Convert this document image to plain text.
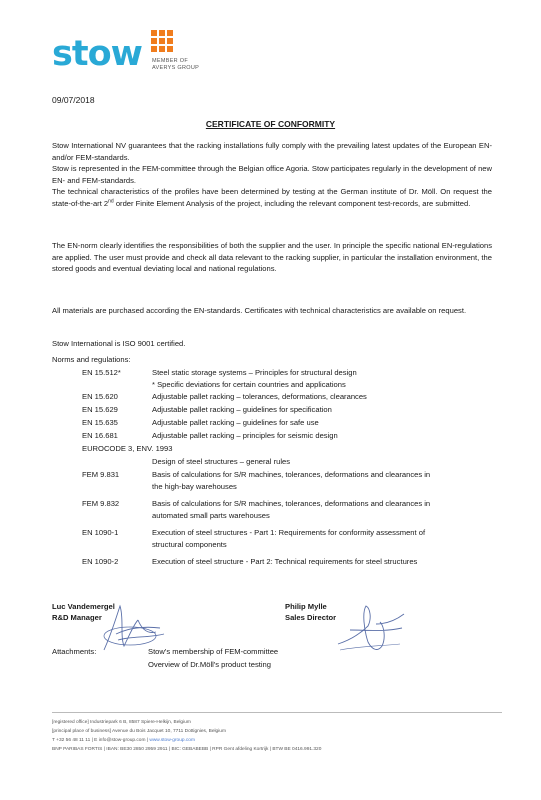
stow MEMBER OF
AVERYS GROUP
09/07/2018
CERTIFICATE OF CONFORMITY
Stow International NV guarantees that the racking installations fully comply with the prevailing latest updates of the European EN- and/or FEM-standards.
Stow is represented in the FEM-committee through the Belgian office Agoria. Stow participates regularly in the development of new EN- and FEM-standards.
The technical characteristics of the profiles have been determined by testing at the German institute of Dr. Möll. On request the state-of-the-art 2nd order Finite Element Analysis of the project, including the relevant component test-records, are submitted.
The EN-norm clearly identifies the responsibilities of both the supplier and the user. In principle the specific national EN-regulations are applied. The user must provide and check all data relevant to the racking supplier, in particular the installation environment, the stored goods and eventual deviating local and national regulations.
All materials are purchased according the EN-standards. Certificates with technical characteristics are available on request.
Stow International is ISO 9001 certified.
Norms and regulations:
EN 15.512*	Steel static storage systems – Principles for structural design
* Specific deviations for certain countries and applications
EN 15.620	Adjustable pallet racking – tolerances, deformations, clearances
EN 15.629	Adjustable pallet racking – guidelines for specification
EN 15.635	Adjustable pallet racking – guidelines for safe use
EN 16.681	Adjustable pallet racking – principles for seismic design
EUROCODE 3, ENV. 1993
Design of steel structures – general rules
FEM 9.831	Basis of calculations for S/R machines, tolerances, deformations and clearances in
the high-bay warehouses
FEM 9.832	Basis of calculations for S/R machines, tolerances, deformations and clearances in
automated small parts warehouses
EN 1090-1	Execution of steel structures - Part 1: Requirements for conformity assessment of
structural components
EN 1090-2	Execution of steel structure - Part 2: Technical requirements for steel structures
Luc Vandemergel
R&D Manager
Philip Mylle
Sales Director
Attachments:	Stow's membership of FEM-committee
Overview of Dr.Möll's product testing
[registered office] Industriepark 6 B, 8587 Spiere-Helkijn, Belgium
[principal place of business] Avenue du Bois Jacquet 10, 7711 Dottignies, Belgium
T +32 56 48 11 11 | E info@stow-group.com | www.stow-group.com
BNP PARIBAS FORTIS | IBAN: BE30 2850 2959 2911 | BIC: GEBABEBB | RPR Gent afdeling Kortrijk | BTW BE 0416.991.320
